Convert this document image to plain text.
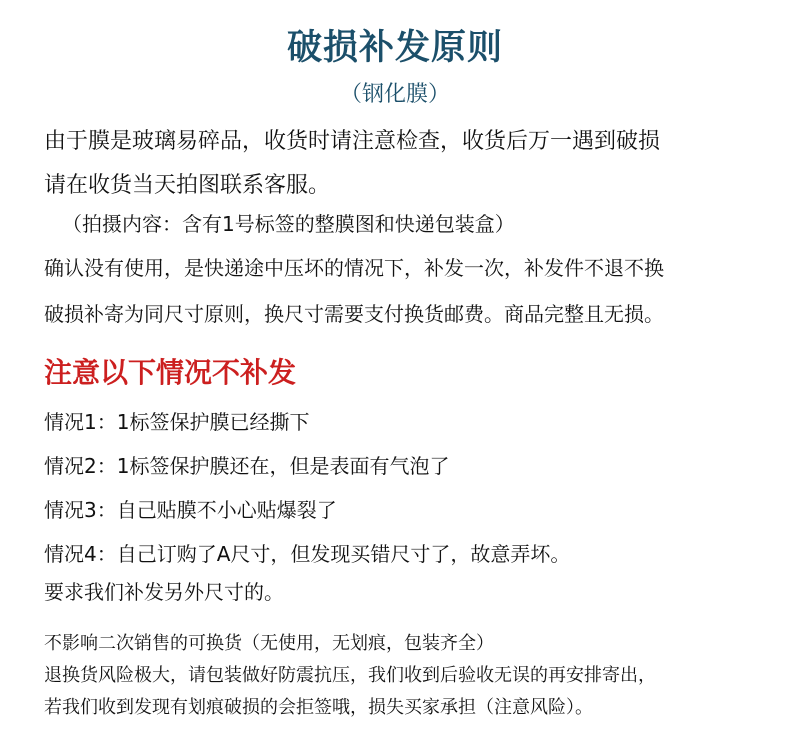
破损补发原则
（钢化膜）
由于膜是玻璃易碎品，收货时请注意检查，收货后万一遇到破损
请在收货当天拍图联系客服。
（拍摄内容：含有1号标签的整膜图和快递包装盒）
确认没有使用，是快递途中压坏的情况下，补发一次，补发件不退不换
破损补寄为同尺寸原则，换尺寸需要支付换货邮费。商品完整且无损。
注意以下情况不补发
情况1：1标签保护膜已经撕下
情况2：1标签保护膜还在，但是表面有气泡了
情况3：自己贴膜不小心贴爆裂了
情况4：自己订购了A尺寸，但发现买错尺寸了，故意弄坏。
要求我们补发另外尺寸的。
不影响二次销售的可换货（无使用，无划痕，包装齐全）
退换货风险极大，请包装做好防震抗压，我们收到后验收无误的再安排寄出，
若我们收到发现有划痕破损的会拒签哦，损失买家承担（注意风险）。
